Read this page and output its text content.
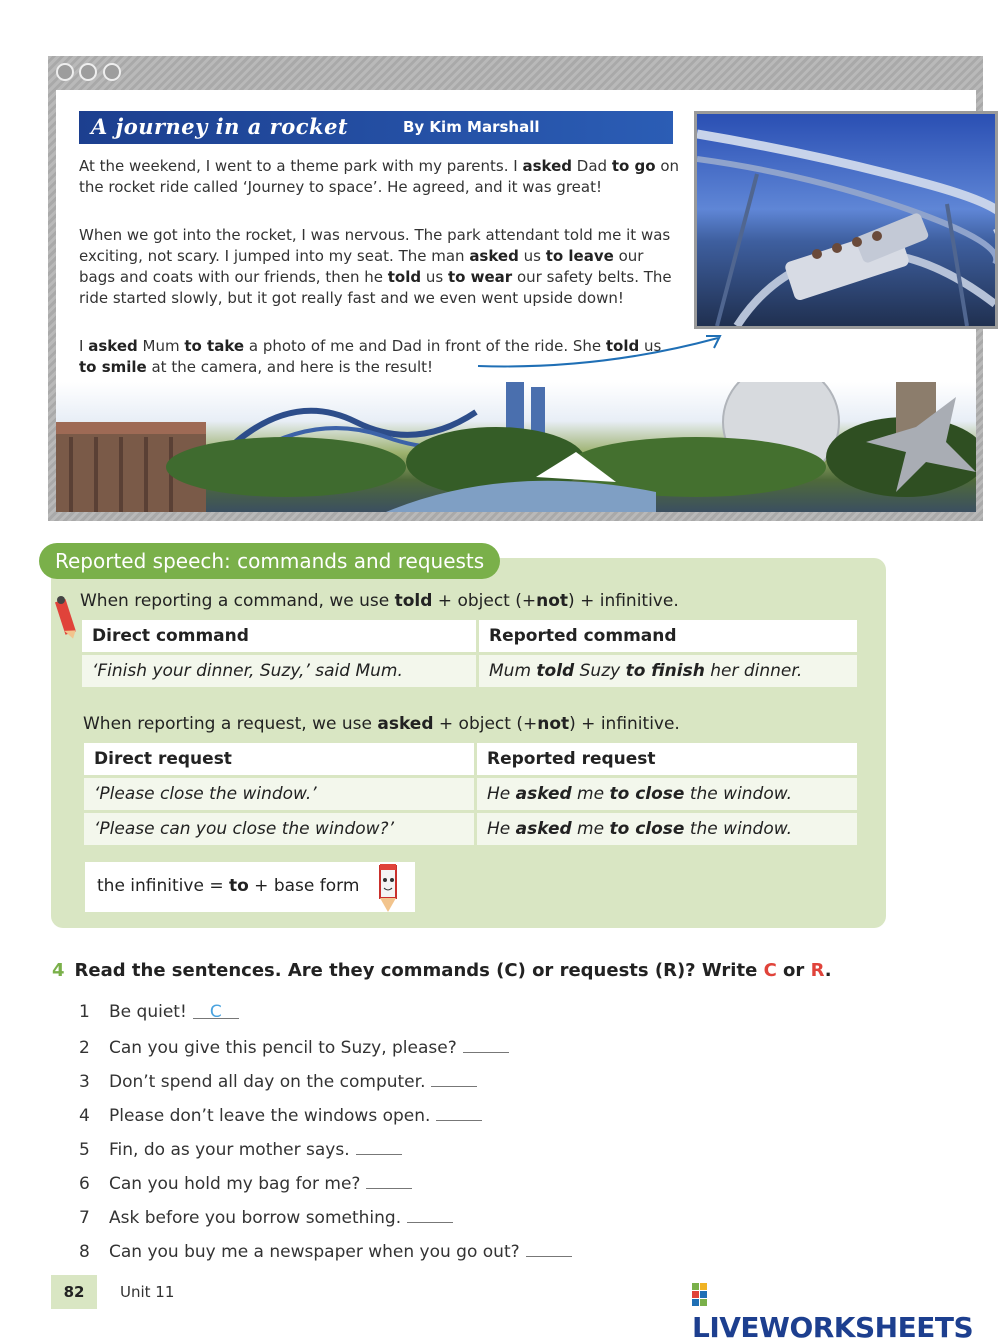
A journey in a rocket	By Kim Marshall
At the weekend, I went to a theme park with my parents. I asked Dad to go on the rocket ride called ‘Journey to space’. He agreed, and it was great!
When we got into the rocket, I was nervous. The park attendant told me it was exciting, not scary. I jumped into my seat. The man asked us to leave our bags and coats with our friends, then he told us to wear our safety belts. The ride started slowly, but it got really fast and we even went upside down!
I asked Mum to take a photo of me and Dad in front of the ride. She told us to smile at the camera, and here is the result!
Reported speech: commands and requests
When reporting a command, we use told + object (+not) + infinitive.
Direct command	Reported command
‘Finish your dinner, Suzy,’ said Mum.	Mum told Suzy to finish her dinner.
When reporting a request, we use asked + object (+not) + infinitive.
Direct request	Reported request
‘Please close the window.’	He asked me to close the window.
‘Please can you close the window?’	He asked me to close the window.
the infinitive = to + base form
4 Read the sentences. Are they commands (C) or requests (R)? Write C or R.
1 Be quiet! C
2 Can you give this pencil to Suzy, please?
3 Don’t spend all day on the computer.
4 Please don’t leave the windows open.
5 Fin, do as your mother says.
6 Can you hold my bag for me?
7 Ask before you borrow something.
8 Can you buy me a newspaper when you go out?
82	Unit 11
LIVEWORKSHEETS
